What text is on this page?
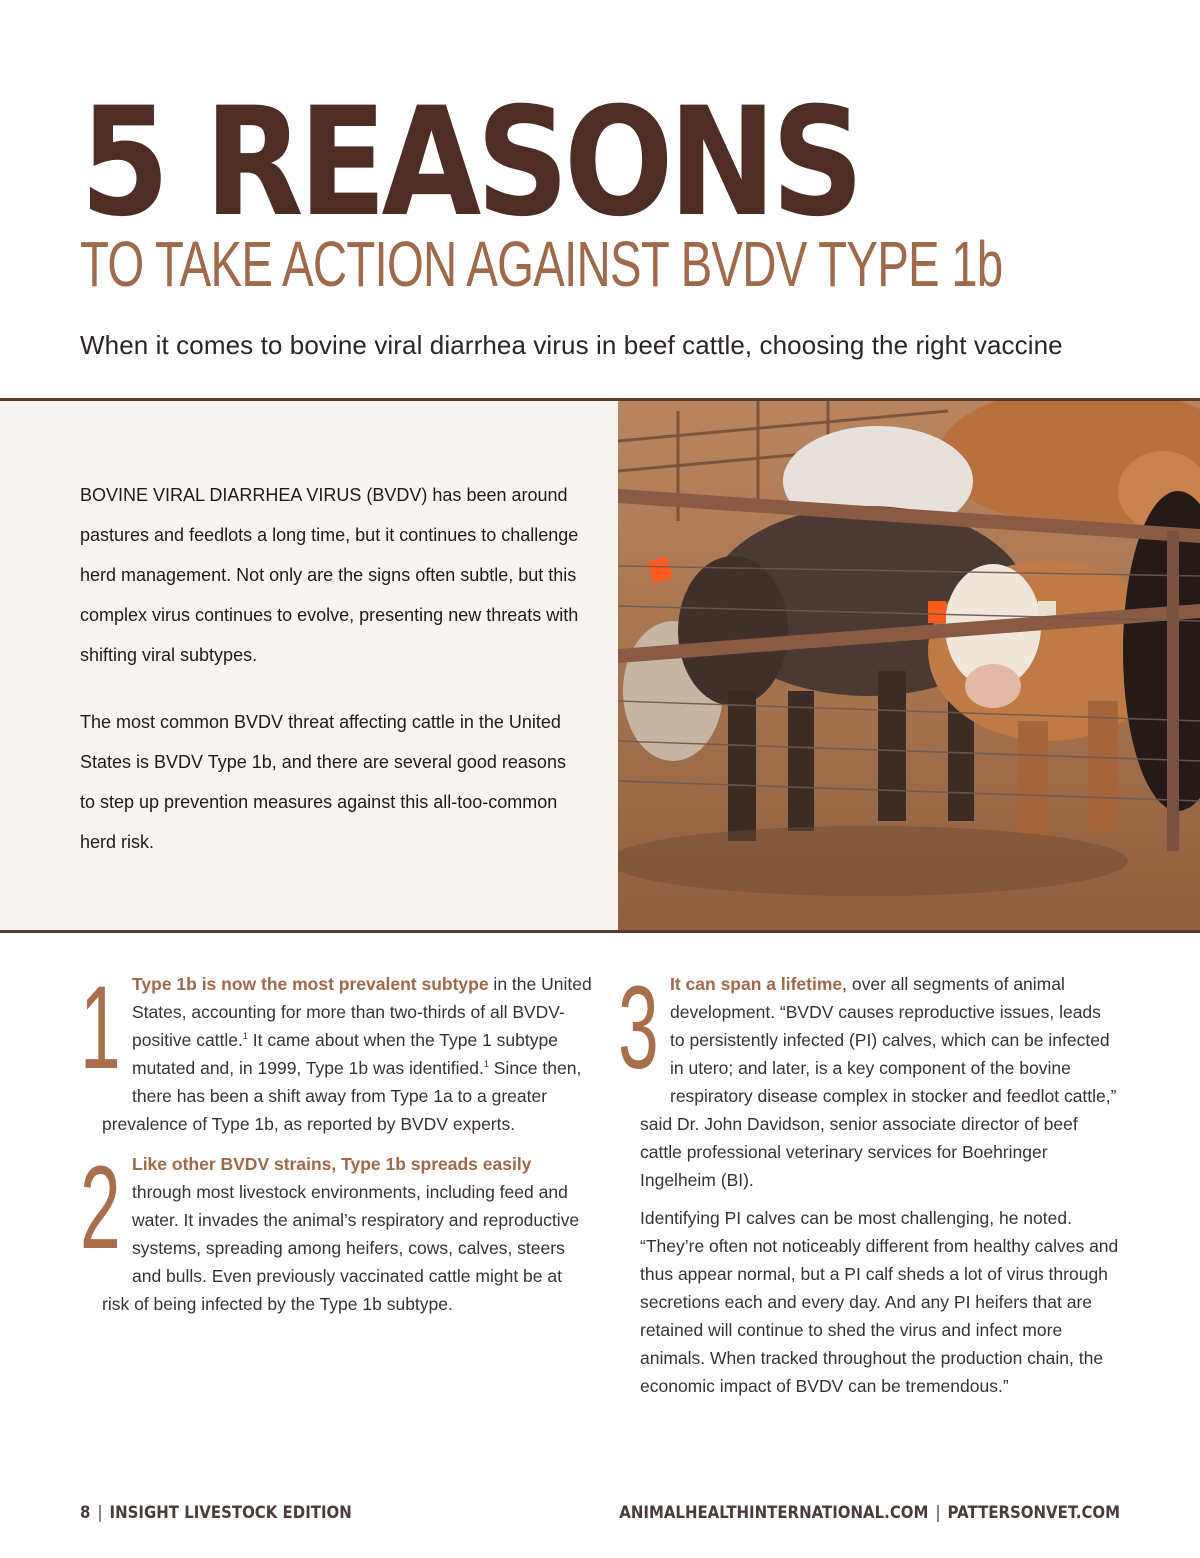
5 REASONS
TO TAKE ACTION AGAINST BVDV TYPE 1b
When it comes to bovine viral diarrhea virus in beef cattle, choosing the right vaccine

BOVINE VIRAL DIARRHEA VIRUS (BVDV) has been around pastures and feedlots a long time, but it continues to challenge herd management. Not only are the signs often subtle, but this complex virus continues to evolve, presenting new threats with shifting viral subtypes.

The most common BVDV threat affecting cattle in the United States is BVDV Type 1b, and there are several good reasons to step up prevention measures against this all-too-common herd risk.

1 Type 1b is now the most prevalent subtype in the United States, accounting for more than two-thirds of all BVDV-positive cattle.$^1$ It came about when the Type 1 subtype mutated and, in 1999, Type 1b was identified.$^1$ Since then, there has been a shift away from Type 1a to a greater prevalence of Type 1b, as reported by BVDV experts.
2 Like other BVDV strains, Type 1b spreads easily through most livestock environments, including feed and water. It invades the animal’s respiratory and reproductive systems, spreading among heifers, cows, calves, steers and bulls. Even previously vaccinated cattle might be at risk of being infected by the Type 1b subtype.
3 It can span a lifetime, over all segments of animal development. “BVDV causes reproductive issues, leads to persistently infected (PI) calves, which can be infected in utero; and later, is a key component of the bovine respiratory disease complex in stocker and feedlot cattle,” said Dr. John Davidson, senior associate director of beef cattle professional veterinary services for Boehringer Ingelheim (BI).

Identifying PI calves can be most challenging, he noted. “They’re often not noticeably different from healthy calves and thus appear normal, but a PI calf sheds a lot of virus through secretions each and every day. And any PI heifers that are retained will continue to shed the virus and infect more animals. When tracked throughout the production chain, the economic impact of BVDV can be tremendous.”

8 | INSIGHT LIVESTOCK EDITION	ANIMALHEALTHINTERNATIONAL.COM | PATTERSONVET.COM
